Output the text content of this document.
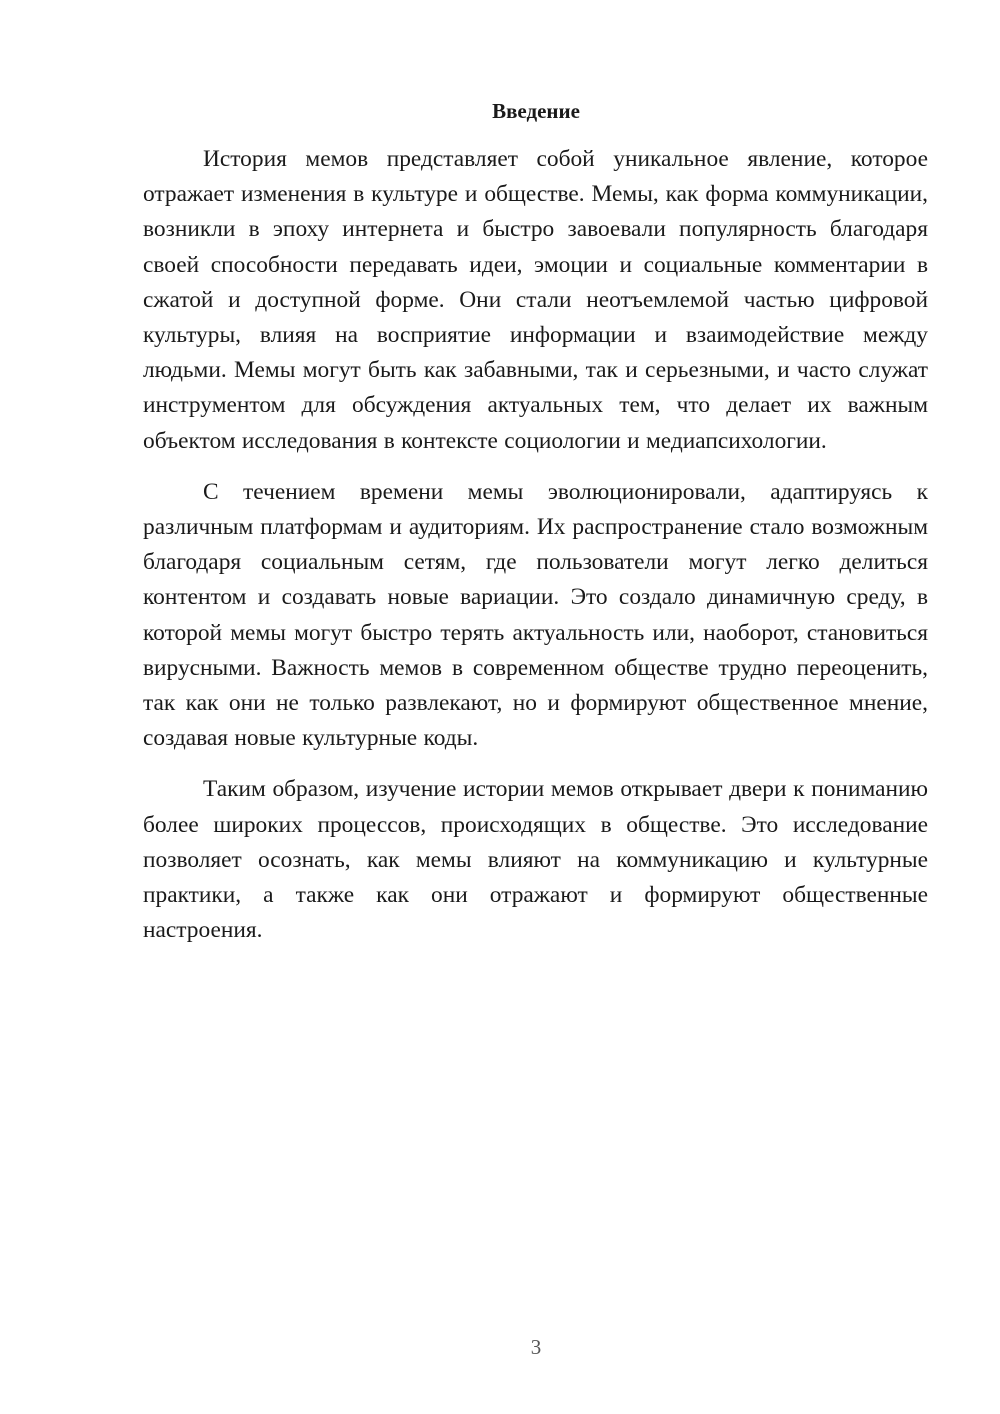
Введение

История мемов представляет собой уникальное явление, которое отражает изменения в культуре и обществе. Мемы, как форма коммуникации, возникли в эпоху интернета и быстро завоевали популярность благодаря своей способности передавать идеи, эмоции и социальные комментарии в сжатой и доступной форме. Они стали неотъемлемой частью цифровой культуры, влияя на восприятие информации и взаимодействие между людьми. Мемы могут быть как забавными, так и серьезными, и часто служат инструментом для обсуждения актуальных тем, что делает их важным объектом исследования в контексте социологии и медиапсихологии.

С течением времени мемы эволюционировали, адаптируясь к различным платформам и аудиториям. Их распространение стало возможным благодаря социальным сетям, где пользователи могут легко делиться контентом и создавать новые вариации. Это создало динамичную среду, в которой мемы могут быстро терять актуальность или, наоборот, становиться вирусными. Важность мемов в современном обществе трудно переоценить, так как они не только развлекают, но и формируют общественное мнение, создавая новые культурные коды.

Таким образом, изучение истории мемов открывает двери к пониманию более широких процессов, происходящих в обществе. Это исследование позволяет осознать, как мемы влияют на коммуникацию и культурные практики, а также как они отражают и формируют общественные настроения.

3
